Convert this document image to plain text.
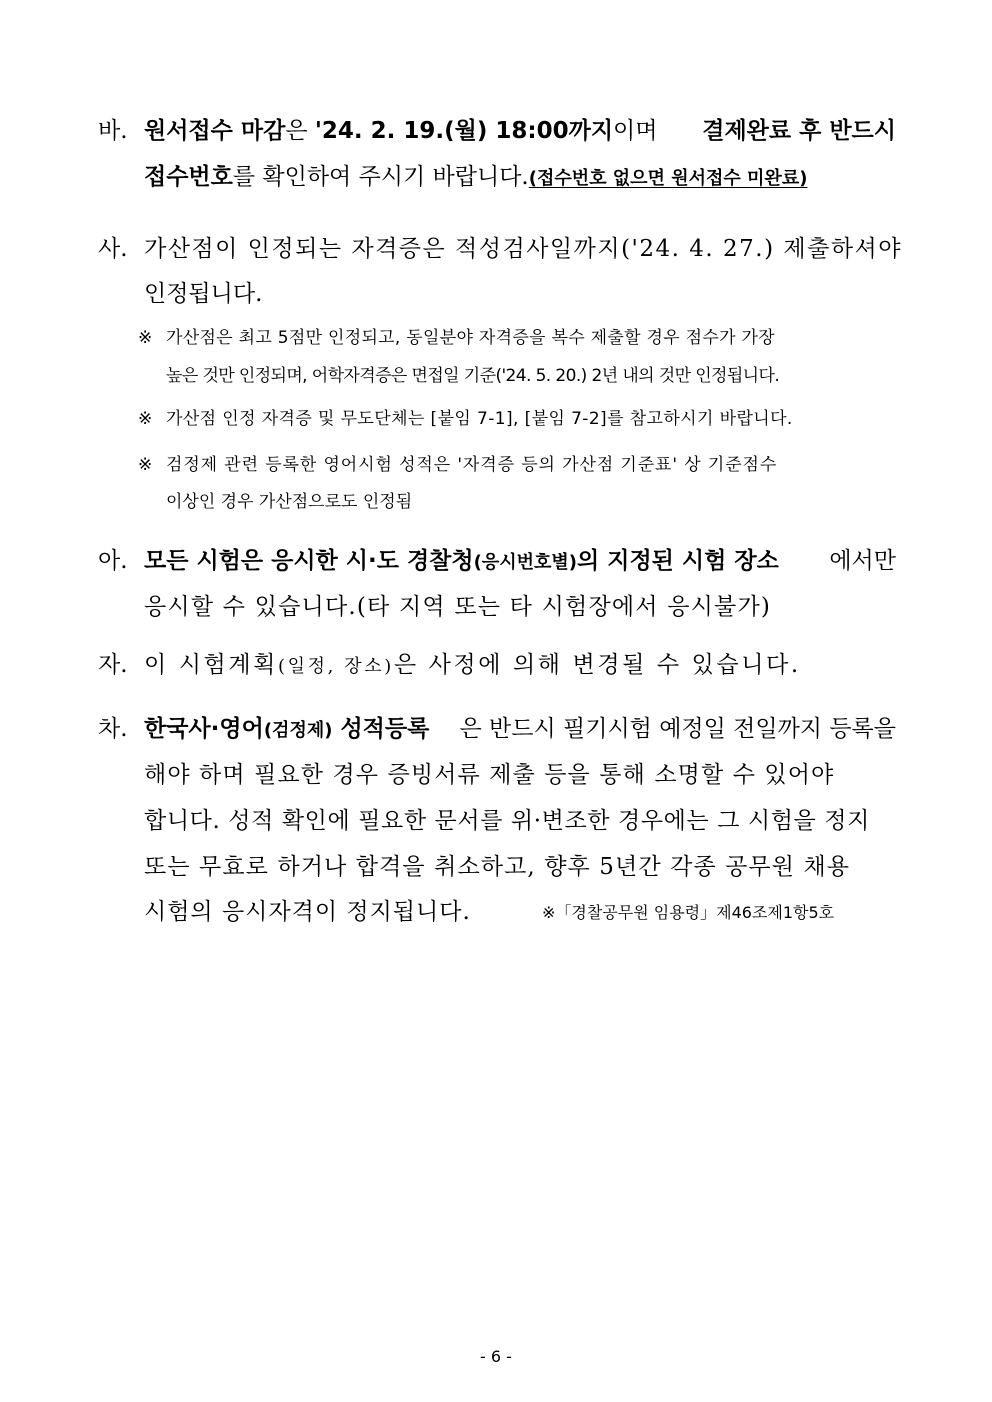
바. 원서접수 마감은 '24. 2. 19.(월) 18:00까지이며 결제완료 후 반드시
접수번호를 확인하여 주시기 바랍니다.(접수번호 없으면 원서접수 미완료)
사. 가산점이 인정되는 자격증은 적성검사일까지('24. 4. 27.) 제출하셔야
인정됩니다.
※ 가산점은 최고 5점만 인정되고, 동일분야 자격증을 복수 제출할 경우 점수가 가장
높은 것만 인정되며, 어학자격증은 면접일 기준('24. 5. 20.) 2년 내의 것만 인정됩니다.
※ 가산점 인정 자격증 및 무도단체는 [붙임 7-1], [붙임 7-2]를 참고하시기 바랍니다.
※ 검정제 관련 등록한 영어시험 성적은 '자격증 등의 가산점 기준표' 상 기준점수
이상인 경우 가산점으로도 인정됨
아. 모든 시험은 응시한 시·도 경찰청(응시번호별)의 지정된 시험 장소 에서만
응시할 수 있습니다.(타 지역 또는 타 시험장에서 응시불가)
자. 이 시험계획(일정, 장소)은 사정에 의해 변경될 수 있습니다.
차. 한국사·영어(검정제) 성적등록 은 반드시 필기시험 예정일 전일까지 등록을
해야 하며 필요한 경우 증빙서류 제출 등을 통해 소명할 수 있어야
합니다. 성적 확인에 필요한 문서를 위·변조한 경우에는 그 시험을 정지
또는 무효로 하거나 합격을 취소하고, 향후 5년간 각종 공무원 채용
시험의 응시자격이 정지됩니다.	※「경찰공무원 임용령」제46조제1항5호
- 6 -
